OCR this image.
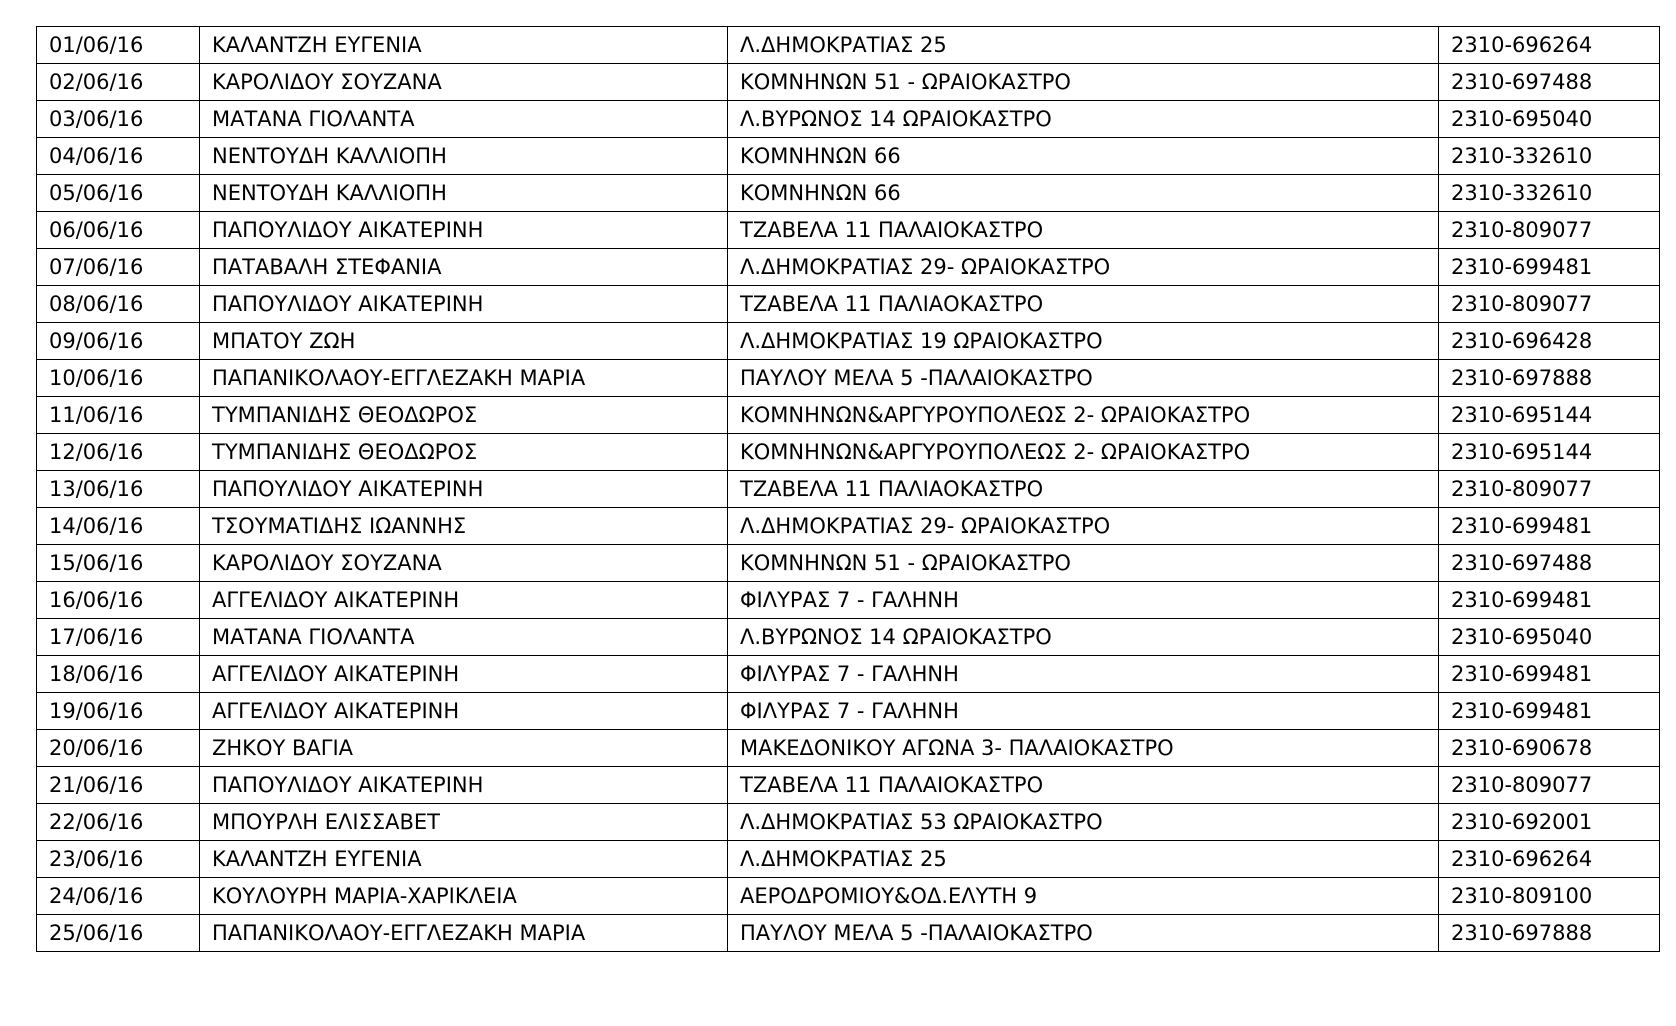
01/06/16	ΚΑΛΑΝΤΖΗ ΕΥΓΕΝΙΑ	Λ.ΔΗΜΟΚΡΑΤΙΑΣ 25	2310-696264
02/06/16	ΚΑΡΟΛΙΔΟΥ ΣΟΥΖΑΝΑ	ΚΟΜΝΗΝΩΝ 51 - ΩΡΑΙΟΚΑΣΤΡΟ	2310-697488
03/06/16	ΜΑΤΑΝΑ ΓΙΟΛΑΝΤΑ	Λ.ΒΥΡΩΝΟΣ 14 ΩΡΑΙΟΚΑΣΤΡΟ	2310-695040
04/06/16	ΝΕΝΤΟΥΔΗ ΚΑΛΛΙΟΠΗ	ΚΟΜΝΗΝΩΝ 66	2310-332610
05/06/16	ΝΕΝΤΟΥΔΗ ΚΑΛΛΙΟΠΗ	ΚΟΜΝΗΝΩΝ 66	2310-332610
06/06/16	ΠΑΠΟΥΛΙΔΟΥ ΑΙΚΑΤΕΡΙΝΗ	ΤΖΑΒΕΛΑ 11 ΠΑΛΑΙΟΚΑΣΤΡΟ	2310-809077
07/06/16	ΠΑΤΑΒΑΛΗ ΣΤΕΦΑΝΙΑ	Λ.ΔΗΜΟΚΡΑΤΙΑΣ 29- ΩΡΑΙΟΚΑΣΤΡΟ	2310-699481
08/06/16	ΠΑΠΟΥΛΙΔΟΥ ΑΙΚΑΤΕΡΙΝΗ	ΤΖΑΒΕΛΑ 11 ΠΑΛΙΑΟΚΑΣΤΡΟ	2310-809077
09/06/16	ΜΠΑΤΟΥ ΖΩΗ	Λ.ΔΗΜΟΚΡΑΤΙΑΣ 19 ΩΡΑΙΟΚΑΣΤΡΟ	2310-696428
10/06/16	ΠΑΠΑΝΙΚΟΛΑΟΥ-ΕΓΓΛΕΖΑΚΗ ΜΑΡΙΑ	ΠΑΥΛΟΥ ΜΕΛΑ 5 -ΠΑΛΑΙΟΚΑΣΤΡΟ	2310-697888
11/06/16	ΤΥΜΠΑΝΙΔΗΣ ΘΕΟΔΩΡΟΣ	ΚΟΜΝΗΝΩΝ&ΑΡΓΥΡΟΥΠΟΛΕΩΣ 2- ΩΡΑΙΟΚΑΣΤΡΟ	2310-695144
12/06/16	ΤΥΜΠΑΝΙΔΗΣ ΘΕΟΔΩΡΟΣ	ΚΟΜΝΗΝΩΝ&ΑΡΓΥΡΟΥΠΟΛΕΩΣ 2- ΩΡΑΙΟΚΑΣΤΡΟ	2310-695144
13/06/16	ΠΑΠΟΥΛΙΔΟΥ ΑΙΚΑΤΕΡΙΝΗ	ΤΖΑΒΕΛΑ 11 ΠΑΛΙΑΟΚΑΣΤΡΟ	2310-809077
14/06/16	ΤΣΟΥΜΑΤΙΔΗΣ ΙΩΑΝΝΗΣ	Λ.ΔΗΜΟΚΡΑΤΙΑΣ 29- ΩΡΑΙΟΚΑΣΤΡΟ	2310-699481
15/06/16	ΚΑΡΟΛΙΔΟΥ ΣΟΥΖΑΝΑ	ΚΟΜΝΗΝΩΝ 51 - ΩΡΑΙΟΚΑΣΤΡΟ	2310-697488
16/06/16	ΑΓΓΕΛΙΔΟΥ ΑΙΚΑΤΕΡΙΝΗ	ΦΙΛΥΡΑΣ 7 - ΓΑΛΗΝΗ	2310-699481
17/06/16	ΜΑΤΑΝΑ ΓΙΟΛΑΝΤΑ	Λ.ΒΥΡΩΝΟΣ 14 ΩΡΑΙΟΚΑΣΤΡΟ	2310-695040
18/06/16	ΑΓΓΕΛΙΔΟΥ ΑΙΚΑΤΕΡΙΝΗ	ΦΙΛΥΡΑΣ 7 - ΓΑΛΗΝΗ	2310-699481
19/06/16	ΑΓΓΕΛΙΔΟΥ ΑΙΚΑΤΕΡΙΝΗ	ΦΙΛΥΡΑΣ 7 - ΓΑΛΗΝΗ	2310-699481
20/06/16	ΖΗΚΟΥ ΒΑΓΙΑ	ΜΑΚΕΔΟΝΙΚΟΥ ΑΓΩΝΑ 3- ΠΑΛΑΙΟΚΑΣΤΡΟ	2310-690678
21/06/16	ΠΑΠΟΥΛΙΔΟΥ ΑΙΚΑΤΕΡΙΝΗ	ΤΖΑΒΕΛΑ 11 ΠΑΛΑΙΟΚΑΣΤΡΟ	2310-809077
22/06/16	ΜΠΟΥΡΛΗ ΕΛΙΣΣΑΒΕΤ	Λ.ΔΗΜΟΚΡΑΤΙΑΣ 53 ΩΡΑΙΟΚΑΣΤΡΟ	2310-692001
23/06/16	ΚΑΛΑΝΤΖΗ ΕΥΓΕΝΙΑ	Λ.ΔΗΜΟΚΡΑΤΙΑΣ 25	2310-696264
24/06/16	ΚΟΥΛΟΥΡΗ ΜΑΡΙΑ-ΧΑΡΙΚΛΕΙΑ	ΑΕΡΟΔΡΟΜΙΟΥ&ΟΔ.ΕΛΥΤΗ 9	2310-809100
25/06/16	ΠΑΠΑΝΙΚΟΛΑΟΥ-ΕΓΓΛΕΖΑΚΗ ΜΑΡΙΑ	ΠΑΥΛΟΥ ΜΕΛΑ 5 -ΠΑΛΑΙΟΚΑΣΤΡΟ	2310-697888
